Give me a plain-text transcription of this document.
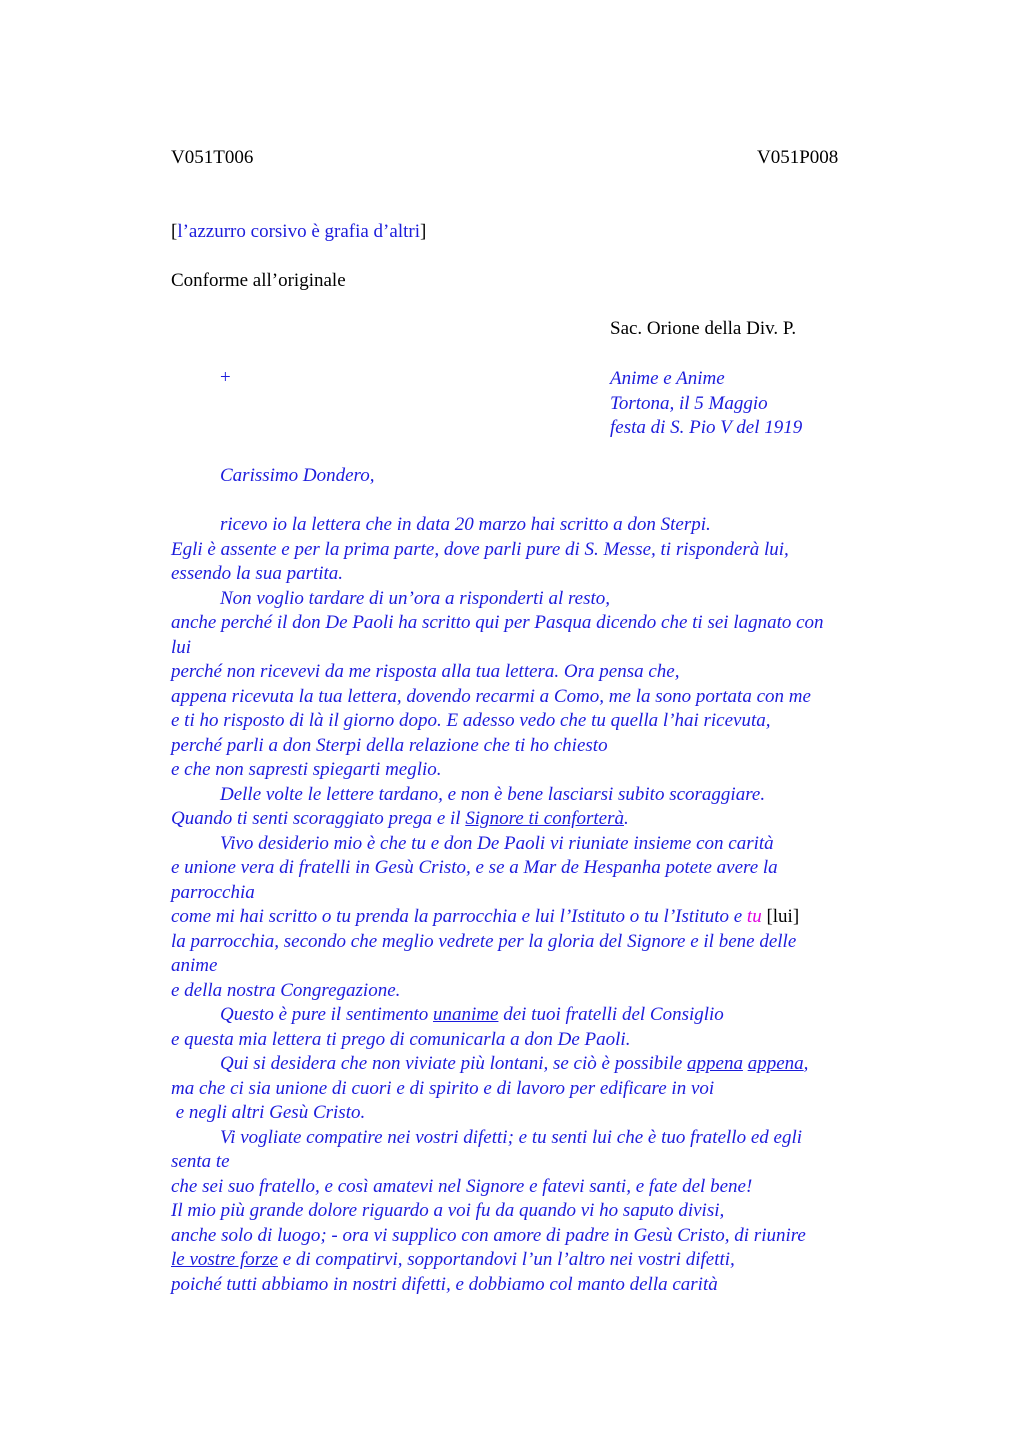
V051T006	V051P008
[l’azzurro corsivo è grafia d’altri]
Conforme all’originale
Sac. Orione della Div. P.
+	Anime e Anime
Tortona, il 5 Maggio
festa di S. Pio V del 1919
Carissimo Dondero,
ricevo io la lettera che in data 20 marzo hai scritto a don Sterpi.
Egli è assente e per la prima parte, dove parli pure di S. Messe, ti risponderà lui,
essendo la sua partita.
Non voglio tardare di un’ora a risponderti al resto,
anche perché il don De Paoli ha scritto qui per Pasqua dicendo che ti sei lagnato con
lui
perché non ricevevi da me risposta alla tua lettera. Ora pensa che,
appena ricevuta la tua lettera, dovendo recarmi a Como, me la sono portata con me
e ti ho risposto di là il giorno dopo. E adesso vedo che tu quella l’hai ricevuta,
perché parli a don Sterpi della relazione che ti ho chiesto
e che non sapresti spiegarti meglio.
Delle volte le lettere tardano, e non è bene lasciarsi subito scoraggiare.
Quando ti senti scoraggiato prega e il Signore ti conforterà.
Vivo desiderio mio è che tu e don De Paoli vi riuniate insieme con carità
e unione vera di fratelli in Gesù Cristo, e se a Mar de Hespanha potete avere la
parrocchia
come mi hai scritto o tu prenda la parrocchia e lui l’Istituto o tu l’Istituto e tu [lui]
la parrocchia, secondo che meglio vedrete per la gloria del Signore e il bene delle
anime
e della nostra Congregazione.
Questo è pure il sentimento unanime dei tuoi fratelli del Consiglio
e questa mia lettera ti prego di comunicarla a don De Paoli.
Qui si desidera che non viviate più lontani, se ciò è possibile appena appena,
ma che ci sia unione di cuori e di spirito e di lavoro per edificare in voi
e negli altri Gesù Cristo.
Vi vogliate compatire nei vostri difetti; e tu senti lui che è tuo fratello ed egli
senta te
che sei suo fratello, e così amatevi nel Signore e fatevi santi, e fate del bene!
Il mio più grande dolore riguardo a voi fu da quando vi ho saputo divisi,
anche solo di luogo; - ora vi supplico con amore di padre in Gesù Cristo, di riunire
le vostre forze e di compatirvi, sopportandovi l’un l’altro nei vostri difetti,
poiché tutti abbiamo in nostri difetti, e dobbiamo col manto della carità
